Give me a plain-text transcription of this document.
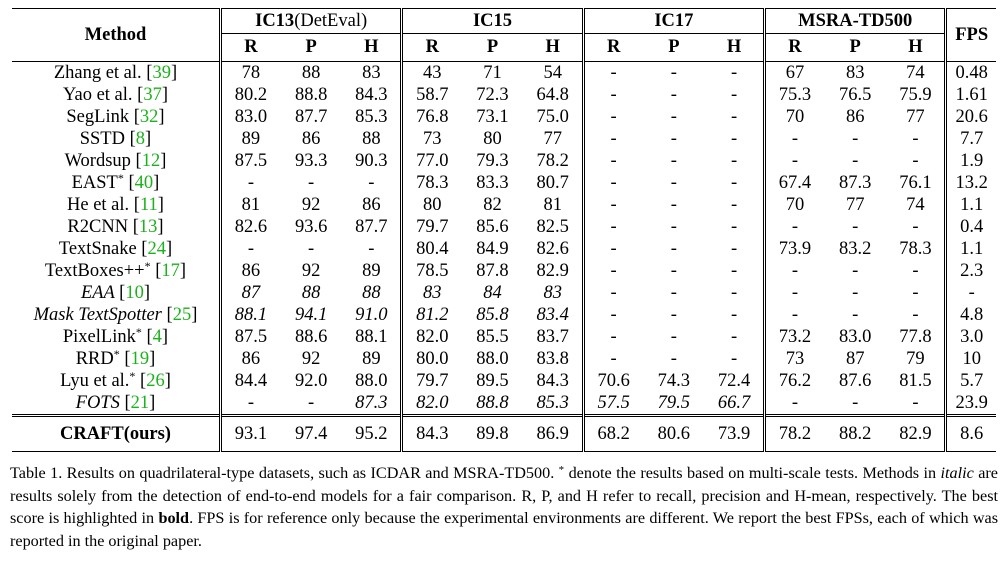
Method	IC13(DetEval)			IC15			IC17			MSRA-TD500			FPS
	R	P	H	R	P	H	R	P	H	R	P	H	
Zhang et al. [39]	78	88	83	43	71	54	-	-	-	67	83	74	0.48
Yao et al. [37]	80.2	88.8	84.3	58.7	72.3	64.8	-	-	-	75.3	76.5	75.9	1.61
SegLink [32]	83.0	87.7	85.3	76.8	73.1	75.0	-	-	-	70	86	77	20.6
SSTD [8]	89	86	88	73	80	77	-	-	-	-	-	-	7.7
Wordsup [12]	87.5	93.3	90.3	77.0	79.3	78.2	-	-	-	-	-	-	1.9
EAST* [40]	-	-	-	78.3	83.3	80.7	-	-	-	67.4	87.3	76.1	13.2
He et al. [11]	81	92	86	80	82	81	-	-	-	70	77	74	1.1
R2CNN [13]	82.6	93.6	87.7	79.7	85.6	82.5	-	-	-	-	-	-	0.4
TextSnake [24]	-	-	-	80.4	84.9	82.6	-	-	-	73.9	83.2	78.3	1.1
TextBoxes++* [17]	86	92	89	78.5	87.8	82.9	-	-	-	-	-	-	2.3
EAA [10]	87	88	88	83	84	83	-	-	-	-	-	-	-
Mask TextSpotter [25]	88.1	94.1	91.0	81.2	85.8	83.4	-	-	-	-	-	-	4.8
PixelLink* [4]	87.5	88.6	88.1	82.0	85.5	83.7	-	-	-	73.2	83.0	77.8	3.0
RRD* [19]	86	92	89	80.0	88.0	83.8	-	-	-	73	87	79	10
Lyu et al.* [26]	84.4	92.0	88.0	79.7	89.5	84.3	70.6	74.3	72.4	76.2	87.6	81.5	5.7
FOTS [21]	-	-	87.3	82.0	88.8	85.3	57.5	79.5	66.7	-	-	-	23.9
CRAFT(ours)	93.1	97.4	95.2	84.3	89.8	86.9	68.2	80.6	73.9	78.2	88.2	82.9	8.6

Table 1. Results on quadrilateral-type datasets, such as ICDAR and MSRA-TD500. * denote the results based on multi-scale tests. Methods in italic are results solely from the detection of end-to-end models for a fair comparison. R, P, and H refer to recall, precision and H-mean, respectively. The best score is highlighted in bold. FPS is for reference only because the experimental environments are different. We report the best FPSs, each of which was reported in the original paper.
